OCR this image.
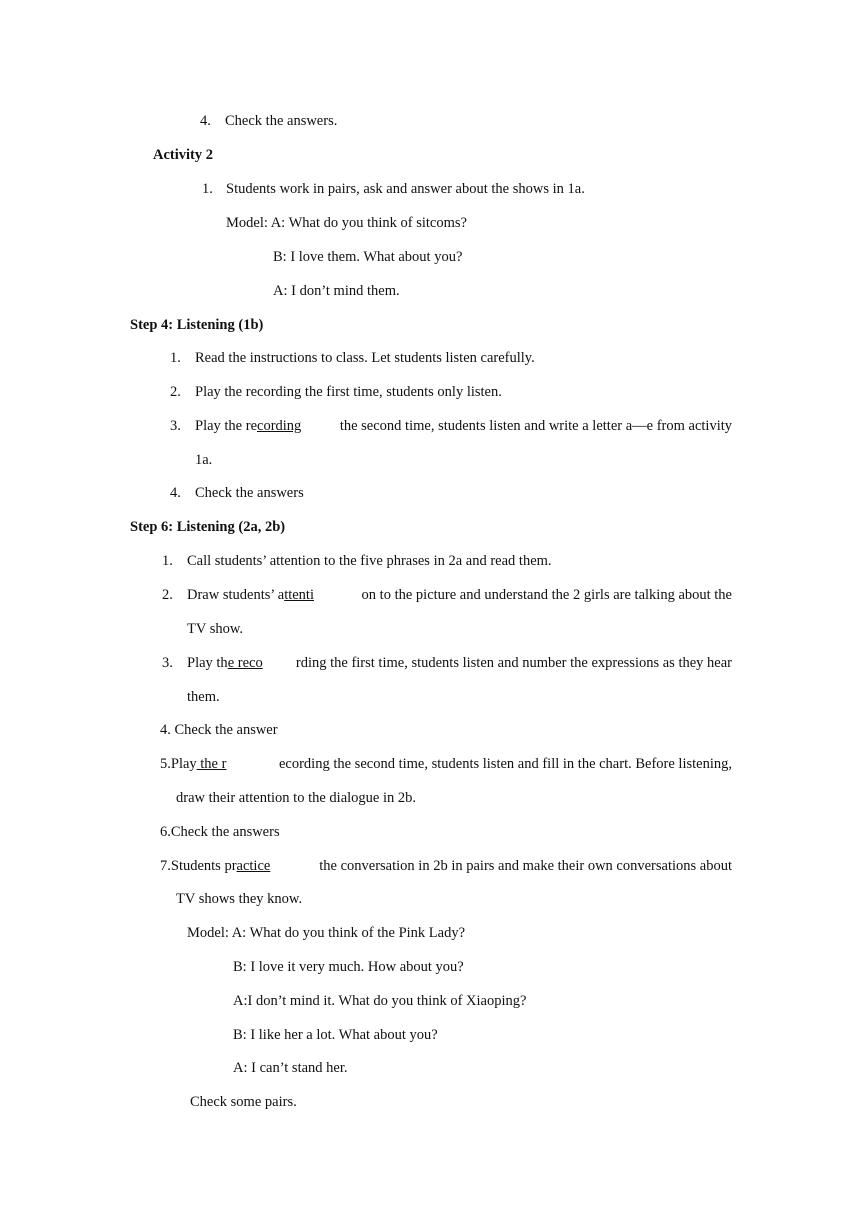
4. Check the answers.
Activity 2
1. Students work in pairs, ask and answer about the shows in 1a.
Model: A: What do you think of sitcoms?
B: I love them. What about you?
A: I don’t mind them.
Step 4: Listening (1b)
1. Read the instructions to class. Let students listen carefully.
2. Play the recording the first time, students only listen.
3. Play the recording	the second time, students listen and write a letter a—e from activity
1a.
4. Check the answers
Step 6: Listening (2a, 2b)
1. Call students’ attention to the five phrases in 2a and read them.
2. Draw students’ attenti	on to the picture and understand the 2 girls are talking about the
TV show.
3. Play the reco rding the first time, students listen and number the expressions as they hear
them.
4. Check the answer
5.Play the r	ecording the second time, students listen and fill in the chart. Before listening,
draw their attention to the dialogue in 2b.
6.Check the answers
7.Students practice	the conversation in 2b in pairs and make their own conversations about
TV shows they know.
Model: A: What do you think of the Pink Lady?
B: I love it very much. How about you?
A:I don’t mind it. What do you think of Xiaoping?
B: I like her a lot. What about you?
A: I can’t stand her.
Check some pairs.
